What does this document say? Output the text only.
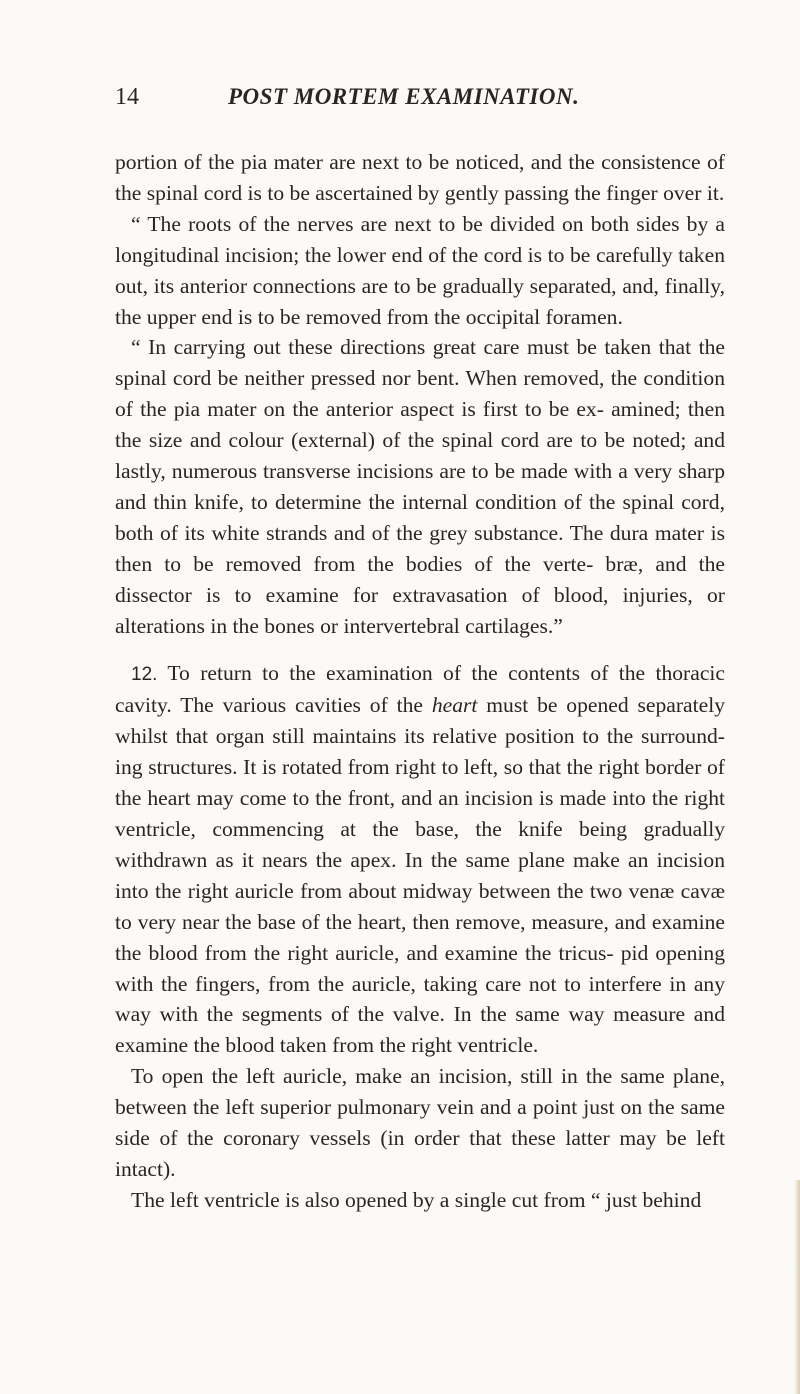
14	POST MORTEM EXAMINATION.

portion of the pia mater are next to be noticed, and the consistence of the spinal cord is to be ascertained by gently passing the finger over it.

“ The roots of the nerves are next to be divided on both sides by a longitudinal incision; the lower end of the cord is to be carefully taken out, its anterior connections are to be gradually separated, and, finally, the upper end is to be removed from the occipital foramen.

“ In carrying out these directions great care must be taken that the spinal cord be neither pressed nor bent. When removed, the condition of the pia mater on the anterior aspect is first to be ex- amined; then the size and colour (external) of the spinal cord are to be noted; and lastly, numerous transverse incisions are to be made with a very sharp and thin knife, to determine the internal condition of the spinal cord, both of its white strands and of the grey substance. The dura mater is then to be removed from the bodies of the verte- bræ, and the dissector is to examine for extravasation of blood, injuries, or alterations in the bones or intervertebral cartilages.”

12. To return to the examination of the contents of the thoracic cavity. The various cavities of the heart must be opened separately whilst that organ still maintains its relative position to the surround- ing structures. It is rotated from right to left, so that the right border of the heart may come to the front, and an incision is made into the right ventricle, commencing at the base, the knife being gradually withdrawn as it nears the apex. In the same plane make an incision into the right auricle from about midway between the two venæ cavæ to very near the base of the heart, then remove, measure, and examine the blood from the right auricle, and examine the tricus- pid opening with the fingers, from the auricle, taking care not to interfere in any way with the segments of the valve. In the same way measure and examine the blood taken from the right ventricle.

To open the left auricle, make an incision, still in the same plane, between the left superior pulmonary vein and a point just on the same side of the coronary vessels (in order that these latter may be left intact).

The left ventricle is also opened by a single cut from “ just behind
